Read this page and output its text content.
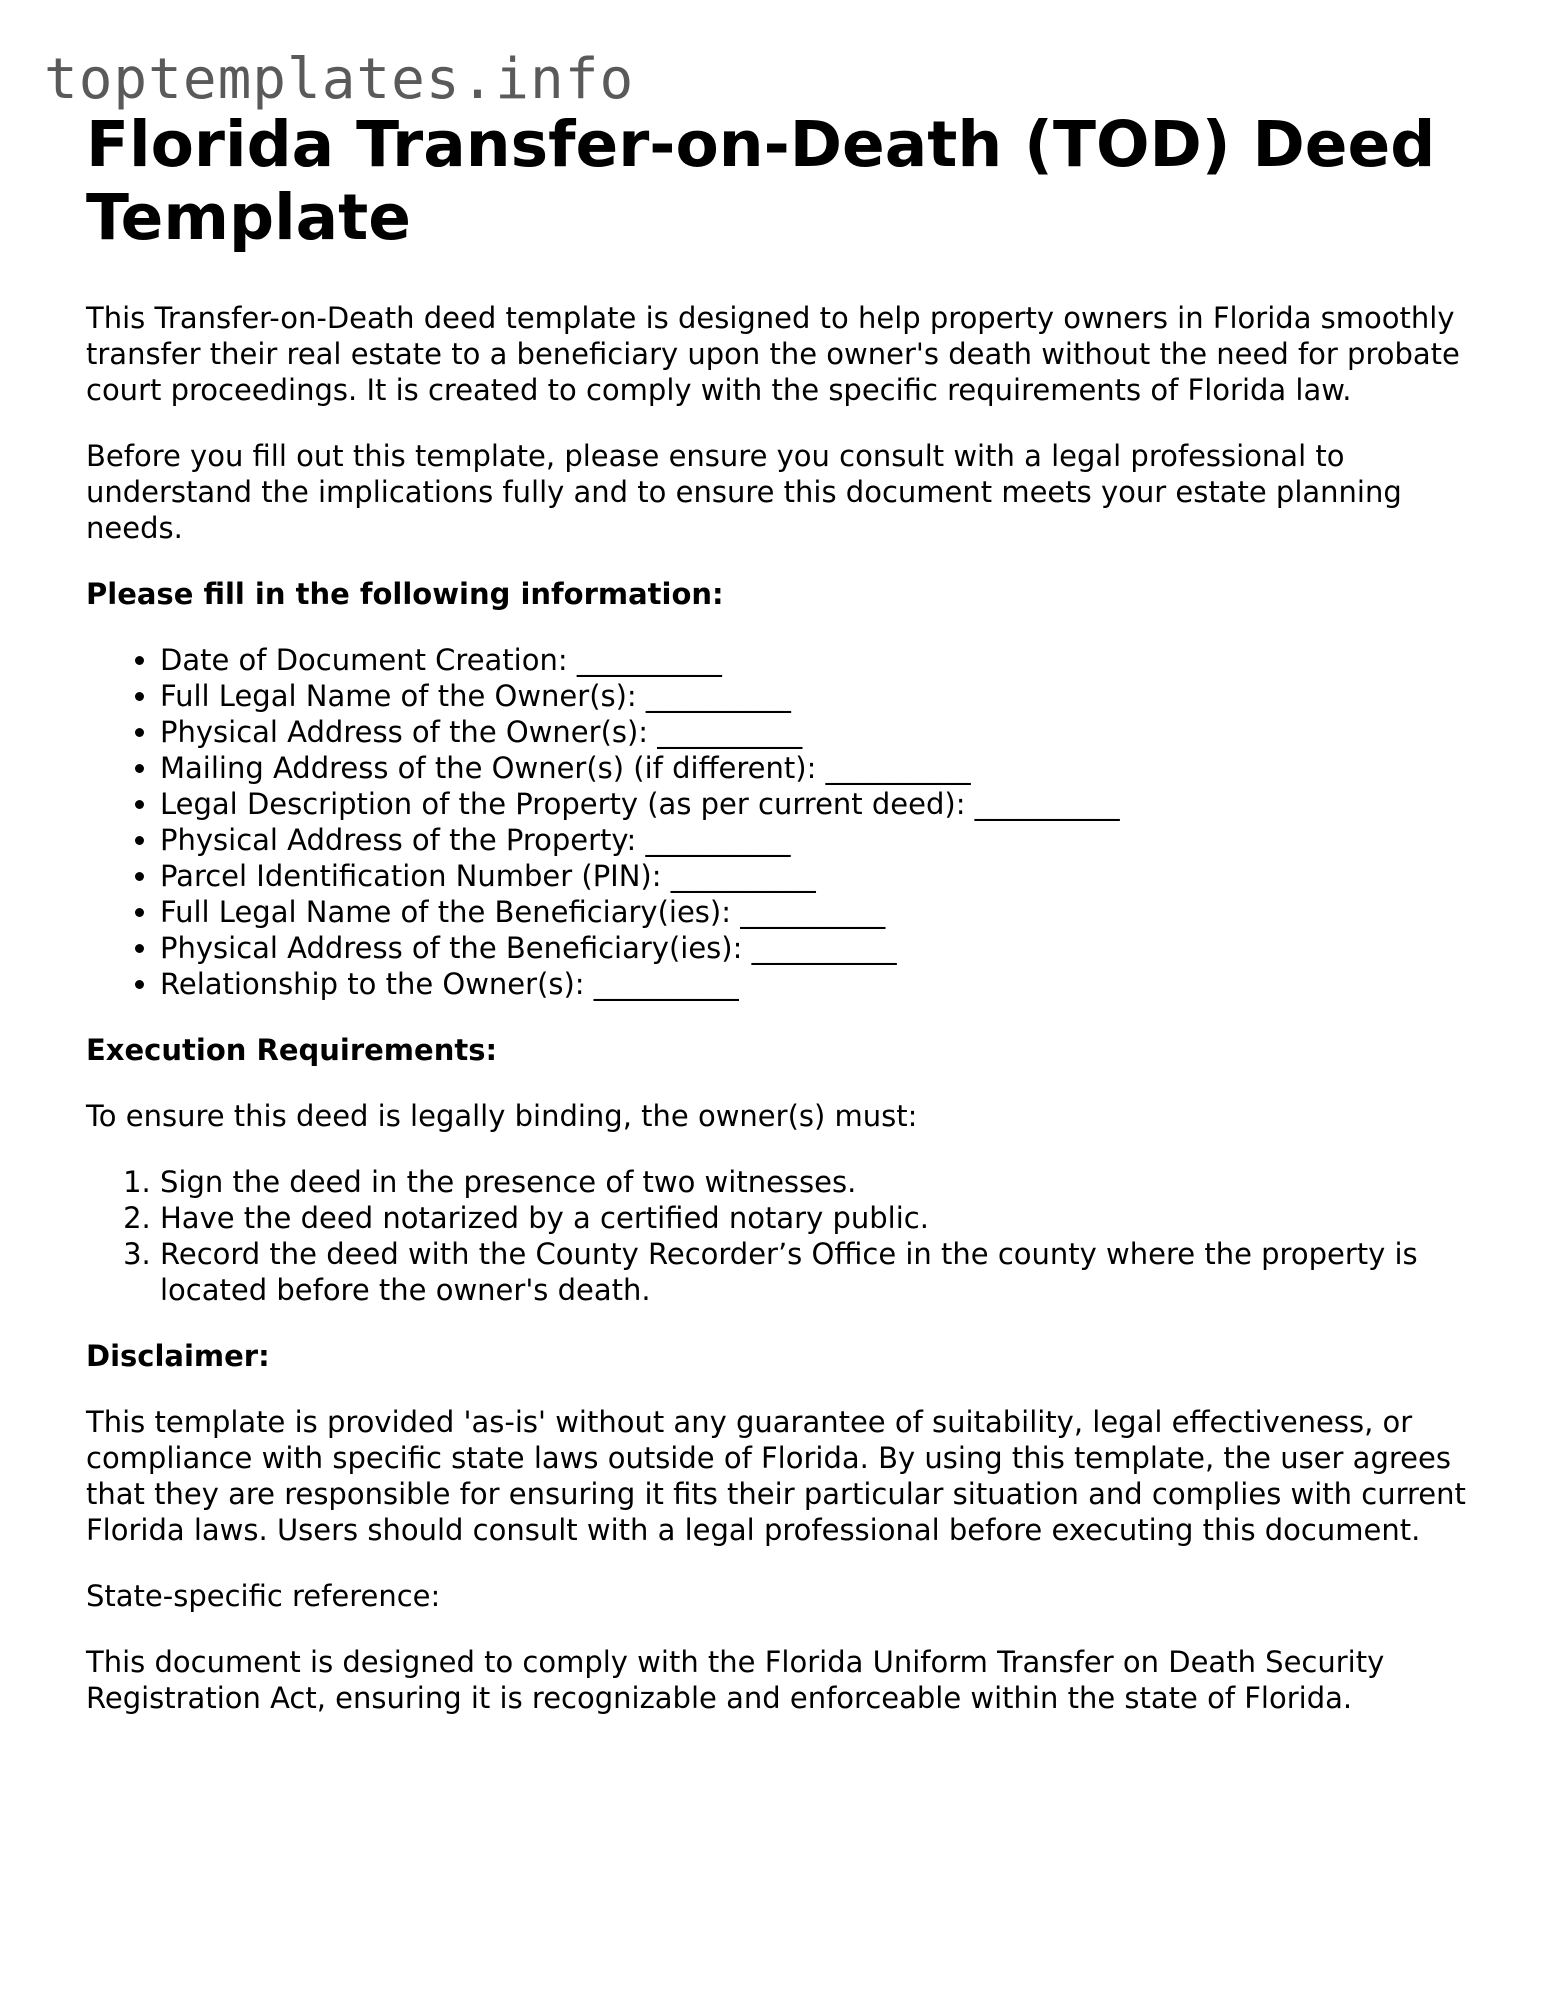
toptemplates.info
Florida Transfer-on-Death (TOD) Deed Template

This Transfer-on-Death deed template is designed to help property owners in Florida smoothly transfer their real estate to a beneficiary upon the owner's death without the need for probate court proceedings. It is created to comply with the specific requirements of Florida law.

Before you fill out this template, please ensure you consult with a legal professional to understand the implications fully and to ensure this document meets your estate planning needs.

Please fill in the following information:
• Date of Document Creation: __________
• Full Legal Name of the Owner(s): __________
• Physical Address of the Owner(s): __________
• Mailing Address of the Owner(s) (if different): __________
• Legal Description of the Property (as per current deed): __________
• Physical Address of the Property: __________
• Parcel Identification Number (PIN): __________
• Full Legal Name of the Beneficiary(ies): __________
• Physical Address of the Beneficiary(ies): __________
• Relationship to the Owner(s): __________
Execution Requirements:

To ensure this deed is legally binding, the owner(s) must:

1. Sign the deed in the presence of two witnesses.
2. Have the deed notarized by a certified notary public.
3. Record the deed with the County Recorder’s Office in the county where the property is located before the owner's death.
Disclaimer:

This template is provided 'as-is' without any guarantee of suitability, legal effectiveness, or compliance with specific state laws outside of Florida. By using this template, the user agrees that they are responsible for ensuring it fits their particular situation and complies with current Florida laws. Users should consult with a legal professional before executing this document.

State-specific reference:

This document is designed to comply with the Florida Uniform Transfer on Death Security Registration Act, ensuring it is recognizable and enforceable within the state of Florida.
